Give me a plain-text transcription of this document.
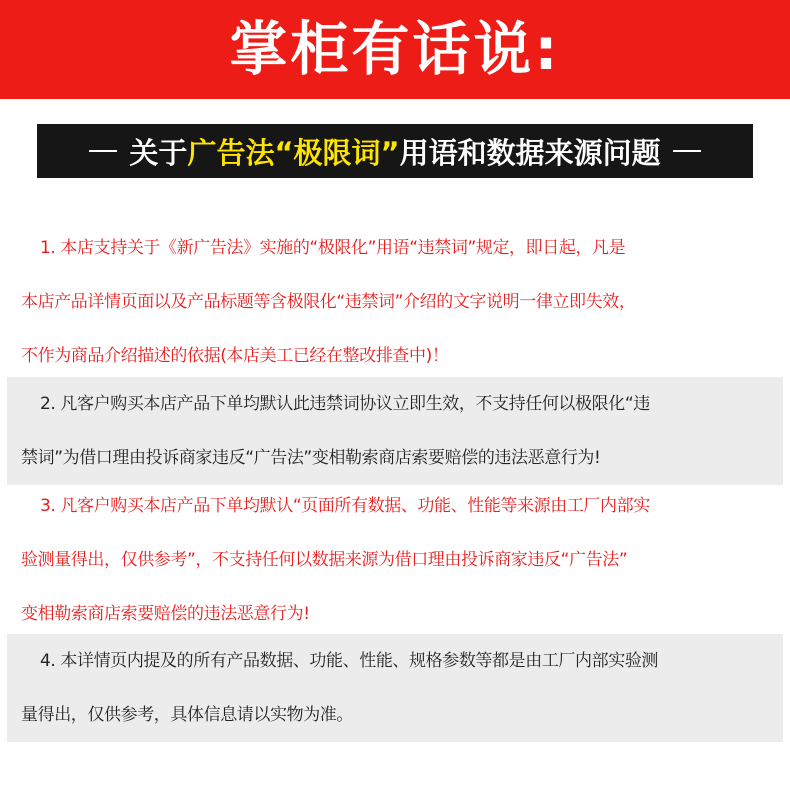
掌柜有话说:
关于 广告法“极限词” 用语和数据来源问题
1. 本店支持关于《新广告法》实施的“极限化”用语“违禁词”规定，即日起，凡是
本店产品详情页面以及产品标题等含极限化“违禁词”介绍的文字说明一律立即失效，
不作为商品介绍描述的依据(本店美工已经在整改排查中)！
2. 凡客户购买本店产品下单均默认此违禁词协议立即生效，不支持任何以极限化“违
禁词”为借口理由投诉商家违反“广告法”变相勒索商店索要赔偿的违法恶意行为!
3. 凡客户购买本店产品下单均默认“页面所有数据、功能、性能等来源由工厂内部实
验测量得出，仅供参考”，不支持任何以数据来源为借口理由投诉商家违反“广告法”
变相勒索商店索要赔偿的违法恶意行为!
4. 本详情页内提及的所有产品数据、功能、性能、规格参数等都是由工厂内部实验测
量得出，仅供参考，具体信息请以实物为准。
